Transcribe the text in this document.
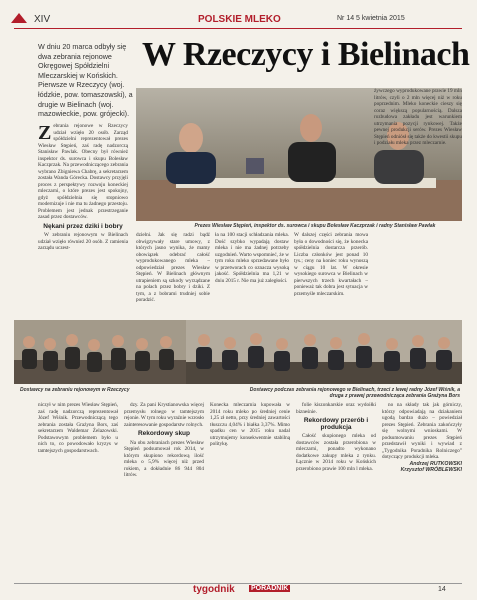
XIV	POLSKIE MLEKO	Nr 14 5 kwietnia 2015
W dniu 20 marca odbyły się dwa zebrania rejonowe Okręgowej Spółdzielni Mleczarskiej w Końskich. Pierwsze w Rzeczycy (woj. łódzkie, pow. tomaszowski), a drugie w Bielinach (woj. mazowieckie, pow. grójecki).
W Rzeczycy i Bielinach
Zebrania rejonowe w Rzeczycy udział wzięło 20 osób. Zarząd spółdzielni reprezentował prezes Wiesław Stępień, zaś radę nadzorczą Stanisław Pawlak. Obecny był również inspektor ds. surowca i skupu Bolesław Kaczprzak. Na przewodniczącego zebrania wybrano Zbigniewa Chabrę, a sekretarzem została Wanda Górecka. Dostawcy przyjęli proces z perspektywy rozwoju koneckiej mleczarni, o które prezes jest spokojny, gdyż spółdzielnia się stopniowo modernizuje i nie ma tu żadnego przestoju. Problemem jest jednak przestrzeganie zasad przez dostawców.
Nękani przez dziki i bobry

W zebraniu rejonowym w Bielinach udział wzięło również 20 osób. Z ramienia zarządu uczest-

Prezes Wiesław Stępień, inspektor ds. surowca i skupu Bolesław Kaczprzak i radny Stanisław Pawlak
dzielni. Jak się radzi bądź obwigzywały stare umowy, z których jasno wynika, że mamy obowiązek odebrać całość wyprodukowanego mleka – odpowiedział prezes Wiesław Stępień. W Bielinach głównym utrapieniem są szkody wyrządzane na polach przez bobry i dziki. Z tym, a z bobrami trudniej sobie poradzić.
ła na 100 stacji schładzania mleka. Dość szybko wypadają dostaw mleka i nie ma żadnej potrzeby uzgodnień. Warto wspomnieć, że w tym roku mleko sprzedawane było w przetworach co oznacza wysoką jakość. Spółdzielnia ma 1,21 w dniu 2015 r. Nie ma już zaległości.
W dalszej części zebrania mowa była o dowodności się, że konecka spółdzielnia dostarcza przerób. Liczba członków jest ponad 10 tys.; ceny na koniec roku wynoszą w ciągu 10 lat. W okresie wysokiego surowca w Bielinach w pierwszych trzech kwartałach – ponieważ tak dobra jest sytuacja w przemyśle mleczarskim.
żywczego wyprodukowane prawie 19 mln litrów, czyli o 2 mln więcej niż w roku poprzednim. Mleko koneckie cieszy się coraz większą popularnością. Dalsza rozbudowa zakładu jest warunkiem utrzymania pozycji rynkowej. Także pewnej produkcji serów. Prezes Wiesław Stępień odniósł się także do kwestii skupu i podziału mleka przez mleczarnie.
Dostawcy na zebraniu rejonowym w Rzeczycy	Dostawcy podczas zebrania rejonowego w Bielinach, trzeci z lewej radny Józef Wiśnik, a druga z prawej przewodnicząca zebrania Grażyna Bors
niczył w nim prezes Wiesław Stępień, zaś radę nadzorczą reprezentował Józef Wiśnik. Przewodniczącą tego zebrania została Grażyna Bors, zaś sekretarzem Waldemar Żelazowski. Podstawowym problemem było u nich to, co powodowało kryzys w tamtejszych gospodarstwach.

dzy. Za pani Krystianowska więcej przemysłu rolnego w tamtejszym rejonie. W tym roku wyraźnie wzrosło zainteresowanie gospodarstw rolnych.

Rekordowy skup

Na obu zebraniach prezes Wiesław Stępień podsumował rok 2014, w którym skupiono rekordową ilość mleka o 5,9% więcej niż przed rokiem, a dokładnie 86 944 804 litrów.

Konecka mleczarnia kupowała w 2014 roku mleko po średniej cenie 1,25 zł netto, przy średniej zawartości tłuszczu 4,04% i białka 3,37%. Mimo spadku cen w 2015 roku nadal utrzymujemy konsekwentnie stabilną politykę.

folie kiszonkarskie oraz wydoiłki bizneśnie.

Rekordowy przerób i produkcja

Całość skupionego mleka od dostawców została przerobiona w mleczarni, ponadto wykonano dodatkowe zakupy mleka z rynku. Łącznie w 2014 roku w Końskich przerobiono prawie 100 mln l mleka.

no na składy tak jak górniczy, którzy odpowiadają na dziakaniem ugodą bardzo dużo – powiedział prezes Stępień. Zebrania zakończyły się wolnymi wnioskami. W podsumowaniu prezes Stępień przedstawił wyniki i wywiad z „Tygodnika Poradnika Rolniczego” dotyczący produkcji mleka.

Andrzej RUTKOWSKI
Krzysztof WRÓBLEWSKI
tygodnik PORADNIK	14
